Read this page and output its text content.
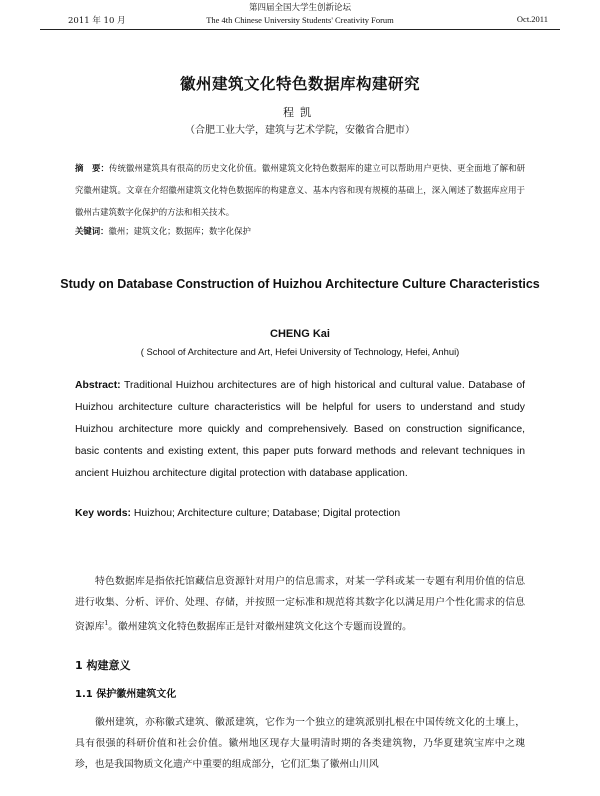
2011 年 10 月
第四届全国大学生创新论坛
The 4th Chinese University Students' Creativity Forum	Oct.2011
徽州建筑文化特色数据库构建研究
程凯
（合肥工业大学，建筑与艺术学院，安徽省合肥市）

摘　要：传统徽州建筑具有很高的历史文化价值。徽州建筑文化特色数据库的建立可以帮助用户更快、更全面地了解和研究徽州建筑。文章在介绍徽州建筑文化特色数据库的构建意义、基本内容和现有规模的基础上，深入阐述了数据库应用于徽州古建筑数字化保护的方法和相关技术。

关键词：徽州；建筑文化；数据库；数字化保护

Study on Database Construction of Huizhou Architecture Culture Characteristics
CHENG Kai
( School of Architecture and Art, Hefei University of Technology, Hefei, Anhui)

Abstract: Traditional Huizhou architectures are of high historical and cultural value. Database of Huizhou architecture culture characteristics will be helpful for users to understand and study Huizhou architecture more quickly and comprehensively. Based on construction significance, basic contents and existing extent, this paper puts forward methods and relevant techniques in ancient Huizhou architecture digital protection with database application.

Key words: Huizhou; Architecture culture; Database; Digital protection

特色数据库是指依托馆藏信息资源针对用户的信息需求，对某一学科或某一专题有利用价值的信息进行收集、分析、评价、处理、存储，并按照一定标准和规范将其数字化以满足用户个性化需求的信息资源库$^1$。徽州建筑文化特色数据库正是针对徽州建筑文化这个专题而设置的。

1 构建意义
1.1 保护徽州建筑文化

徽州建筑，亦称徽式建筑、徽派建筑，它作为一个独立的建筑派别扎根在中国传统文化的土壤上，具有很强的科研价值和社会价值。徽州地区现存大量明清时期的各类建筑物，乃华夏建筑宝库中之瑰珍，也是我国物质文化遗产中重要的组成部分，它们汇集了徽州山川风
